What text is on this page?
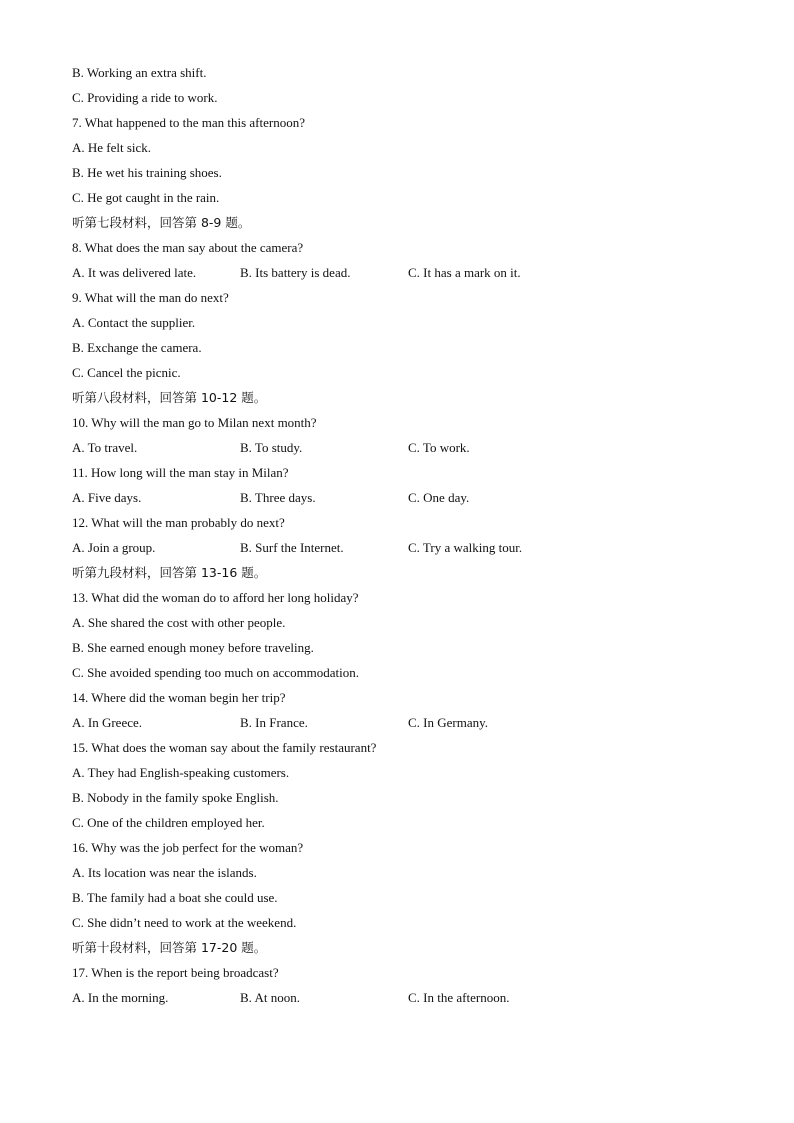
B. Working an extra shift.
C. Providing a ride to work.
7. What happened to the man this afternoon?
A. He felt sick.
B. He wet his training shoes.
C. He got caught in the rain.
听第七段材料，回答第 8-9 题。
8. What does the man say about the camera?
A. It was delivered late.	B. Its battery is dead.	C. It has a mark on it.
9. What will the man do next?
A. Contact the supplier.
B. Exchange the camera.
C. Cancel the picnic.
听第八段材料，回答第 10-12 题。
10. Why will the man go to Milan next month?
A. To travel.	B. To study.	C. To work.
11. How long will the man stay in Milan?
A. Five days.	B. Three days.	C. One day.
12. What will the man probably do next?
A. Join a group.	B. Surf the Internet.	C. Try a walking tour.
听第九段材料，回答第 13-16 题。
13. What did the woman do to afford her long holiday?
A. She shared the cost with other people.
B. She earned enough money before traveling.
C. She avoided spending too much on accommodation.
14. Where did the woman begin her trip?
A. In Greece.	B. In France.	C. In Germany.
15. What does the woman say about the family restaurant?
A. They had English-speaking customers.
B. Nobody in the family spoke English.
C. One of the children employed her.
16. Why was the job perfect for the woman?
A. Its location was near the islands.
B. The family had a boat she could use.
C. She didn’t need to work at the weekend.
听第十段材料，回答第 17-20 题。
17. When is the report being broadcast?
A. In the morning.	B. At noon.	C. In the afternoon.
